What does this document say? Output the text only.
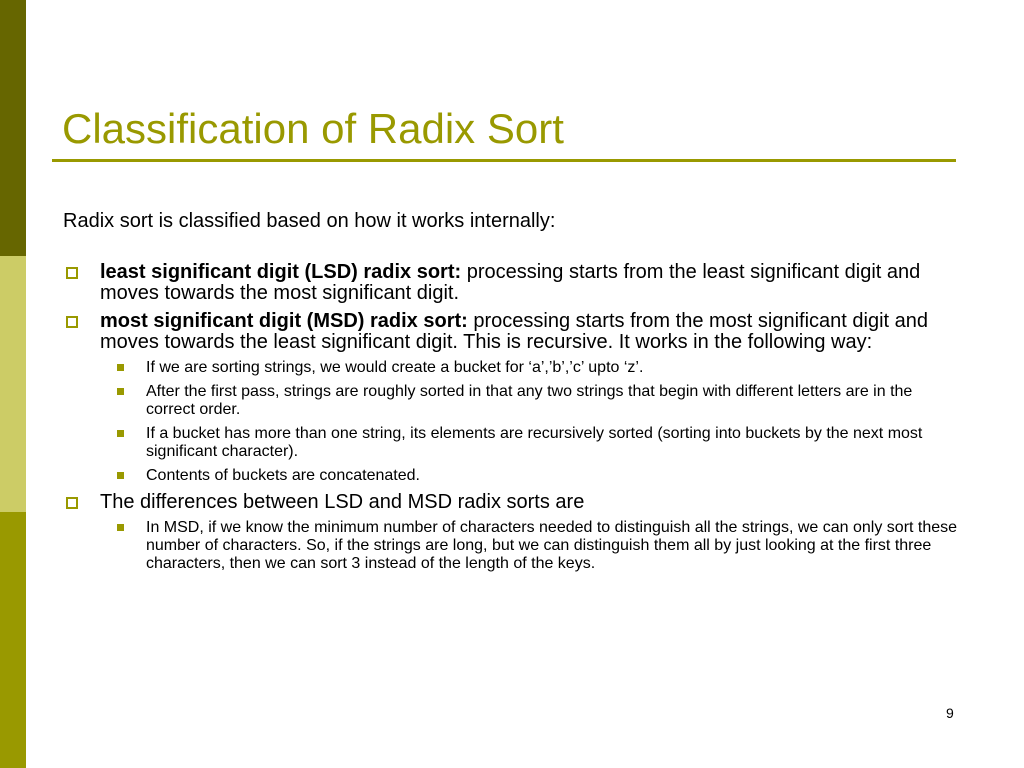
Classification of Radix Sort

Radix sort is classified based on how it works internally:

least significant digit (LSD) radix sort: processing starts from the least significant digit and moves towards the most significant digit.
most significant digit (MSD) radix sort: processing starts from the most significant digit and moves towards the least significant digit. This is recursive. It works in the following way:
If we are sorting strings, we would create a bucket for ‘a’,’b’,’c’ upto ‘z’.
After the first pass, strings are roughly sorted in that any two strings that begin with different letters are in the correct order.
If a bucket has more than one string, its elements are recursively sorted (sorting into buckets by the next most significant character).
Contents of buckets are concatenated.
The differences between LSD and MSD radix sorts are
In MSD, if we know the minimum number of characters needed to distinguish all the strings, we can only sort these number of characters. So, if the strings are long, but we can distinguish them all by just looking at the first three characters, then we can sort 3 instead of the length of the keys.
9
